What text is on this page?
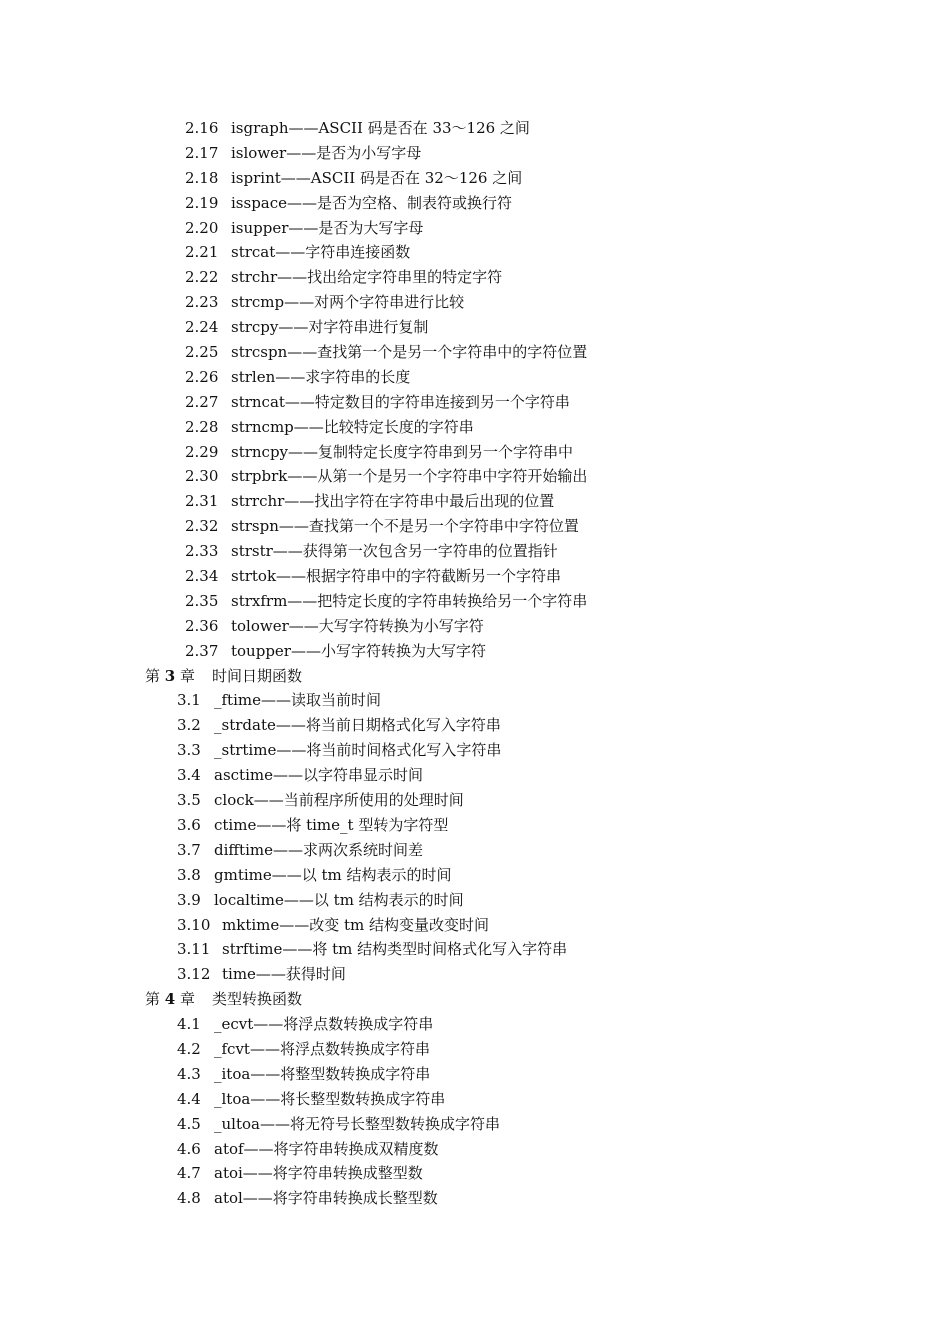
2.16 isgraph——ASCII 码是否在 33～126 之间
2.17 islower——是否为小写字母
2.18 isprint——ASCII 码是否在 32～126 之间
2.19 isspace——是否为空格、制表符或换行符
2.20 isupper——是否为大写字母
2.21 strcat——字符串连接函数
2.22 strchr——找出给定字符串里的特定字符
2.23 strcmp——对两个字符串进行比较
2.24 strcpy——对字符串进行复制
2.25 strcspn——查找第一个是另一个字符串中的字符位置
2.26 strlen——求字符串的长度
2.27 strncat——特定数目的字符串连接到另一个字符串
2.28 strncmp——比较特定长度的字符串
2.29 strncpy——复制特定长度字符串到另一个字符串中
2.30 strpbrk——从第一个是另一个字符串中字符开始输出
2.31 strrchr——找出字符在字符串中最后出现的位置
2.32 strspn——查找第一个不是另一个字符串中字符位置
2.33 strstr——获得第一次包含另一字符串的位置指针
2.34 strtok——根据字符串中的字符截断另一个字符串
2.35 strxfrm——把特定长度的字符串转换给另一个字符串
2.36 tolower——大写字符转换为小写字符
2.37 toupper——小写字符转换为大写字符
第 3 章 时间日期函数
3.1 _ftime——读取当前时间
3.2 _strdate——将当前日期格式化写入字符串
3.3 _strtime——将当前时间格式化写入字符串
3.4 asctime——以字符串显示时间
3.5 clock——当前程序所使用的处理时间
3.6 ctime——将 time_t 型转为字符型
3.7 difftime——求两次系统时间差
3.8 gmtime——以 tm 结构表示的时间
3.9 localtime——以 tm 结构表示的时间
3.10 mktime——改变 tm 结构变量改变时间
3.11 strftime——将 tm 结构类型时间格式化写入字符串
3.12 time——获得时间
第 4 章 类型转换函数
4.1 _ecvt——将浮点数转换成字符串
4.2 _fcvt——将浮点数转换成字符串
4.3 _itoa——将整型数转换成字符串
4.4 _ltoa——将长整型数转换成字符串
4.5 _ultoa——将无符号长整型数转换成字符串
4.6 atof——将字符串转换成双精度数
4.7 atoi——将字符串转换成整型数
4.8 atol——将字符串转换成长整型数
